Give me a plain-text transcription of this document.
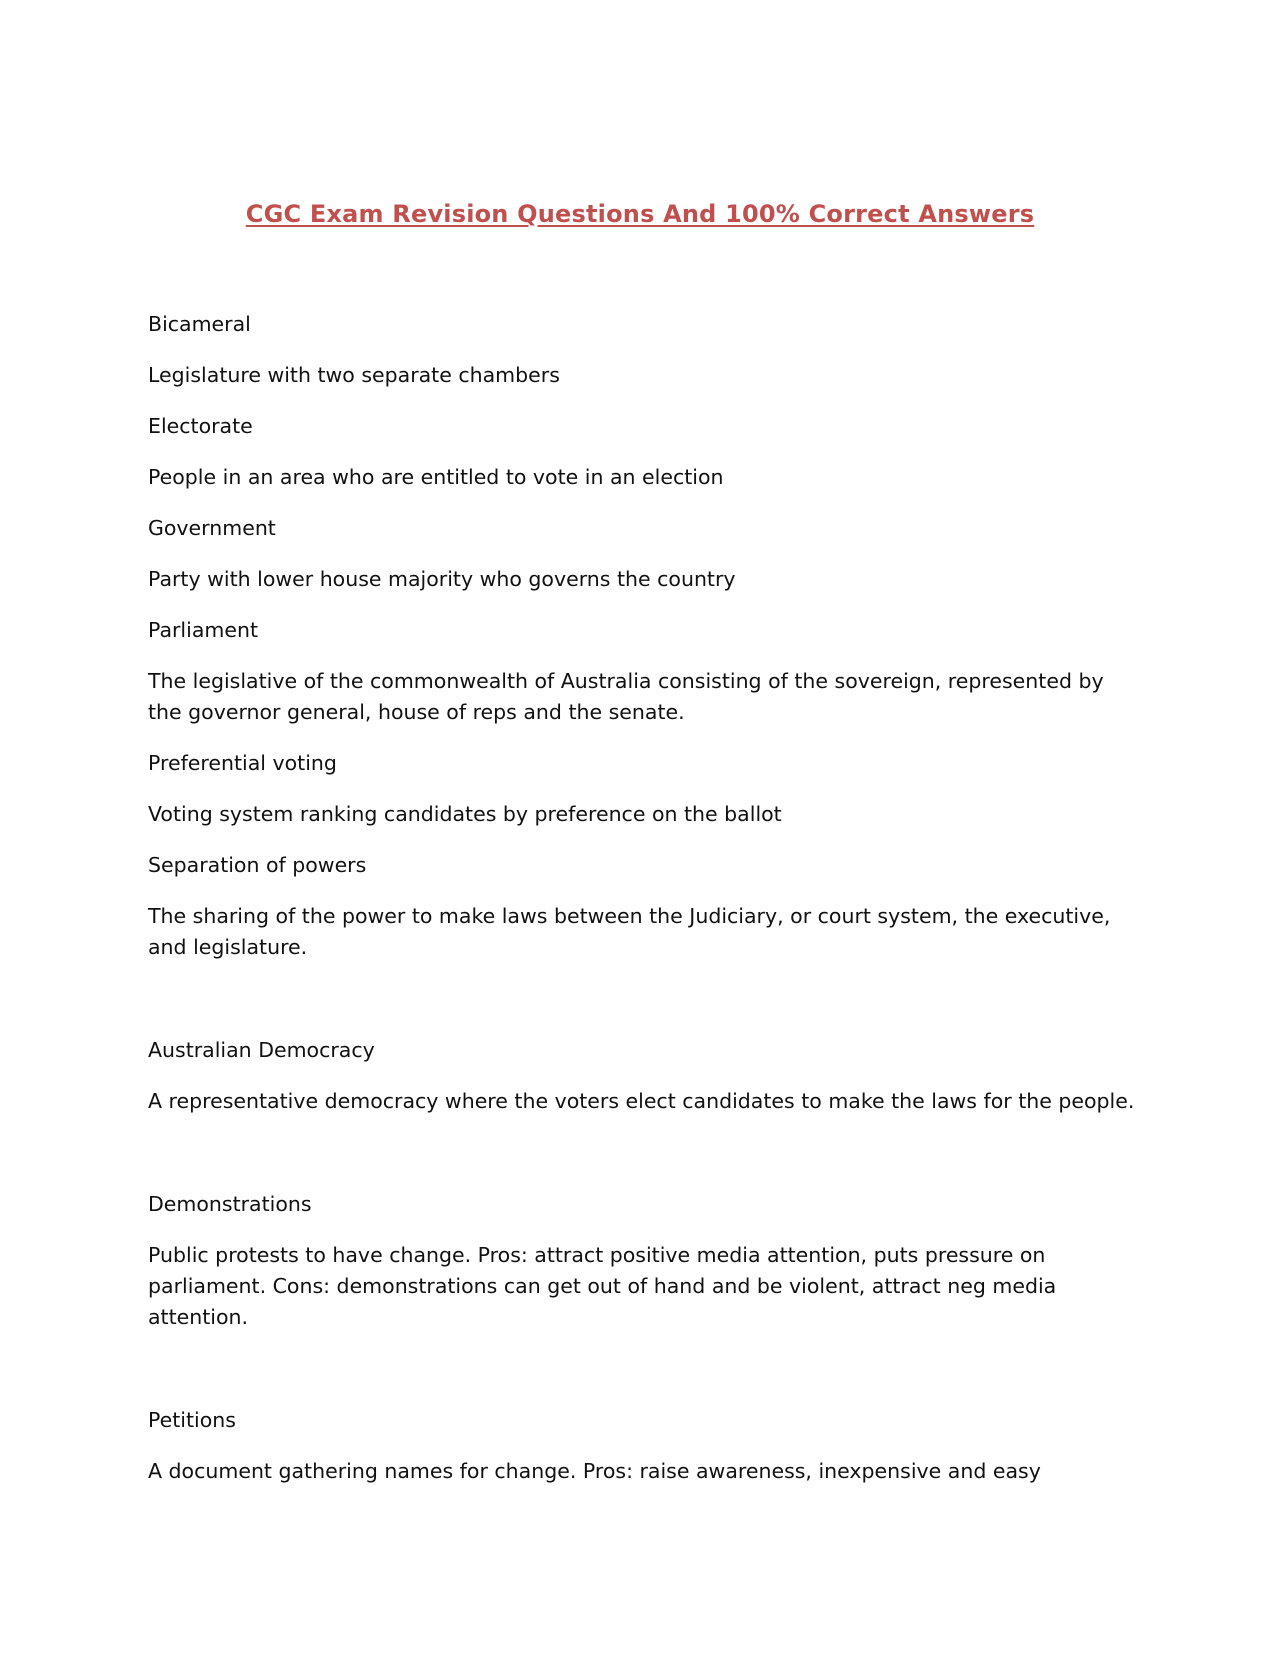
CGC Exam Revision Questions And 100% Correct Answers

Bicameral

Legislature with two separate chambers

Electorate

People in an area who are entitled to vote in an election

Government

Party with lower house majority who governs the country

Parliament

The legislative of the commonwealth of Australia consisting of the sovereign, represented by the governor general, house of reps and the senate.

Preferential voting

Voting system ranking candidates by preference on the ballot

Separation of powers

The sharing of the power to make laws between the Judiciary, or court system, the executive, and legislature.

Australian Democracy

A representative democracy where the voters elect candidates to make the laws for the people.

Demonstrations

Public protests to have change. Pros: attract positive media attention, puts pressure on parliament. Cons: demonstrations can get out of hand and be violent, attract neg media attention.

Petitions

A document gathering names for change. Pros: raise awareness, inexpensive and easy
